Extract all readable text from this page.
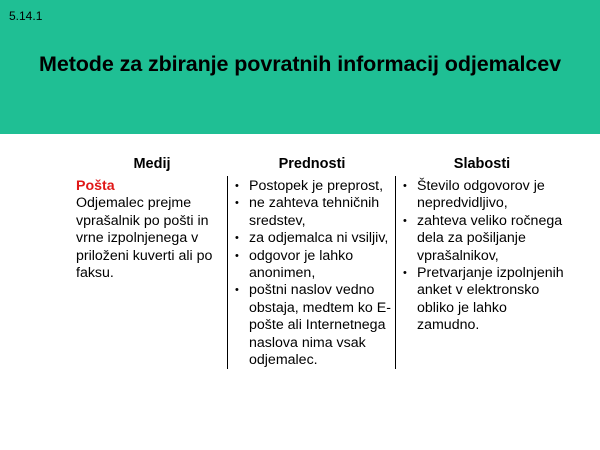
5.14.1
Metode za zbiranje povratnih informacij odjemalcev
Medij	Prednosti	Slabosti
Pošta
Odjemalec prejme vprašalnik po pošti in vrne izpolnjenega v priloženi kuverti ali po faksu.
• Postopek je preprost,
• ne zahteva tehničnih sredstev,
• za odjemalca ni vsiljiv,
• odgovor je lahko anonimen,
• poštni naslov vedno obstaja, medtem ko E-pošte ali Internetnega naslova nima vsak odjemalec.
• Število odgovorov je nepredvidljivo,
• zahteva veliko ročnega dela za pošiljanje vprašalnikov,
• Pretvarjanje izpolnjenih anket v elektronsko obliko je lahko zamudno.
